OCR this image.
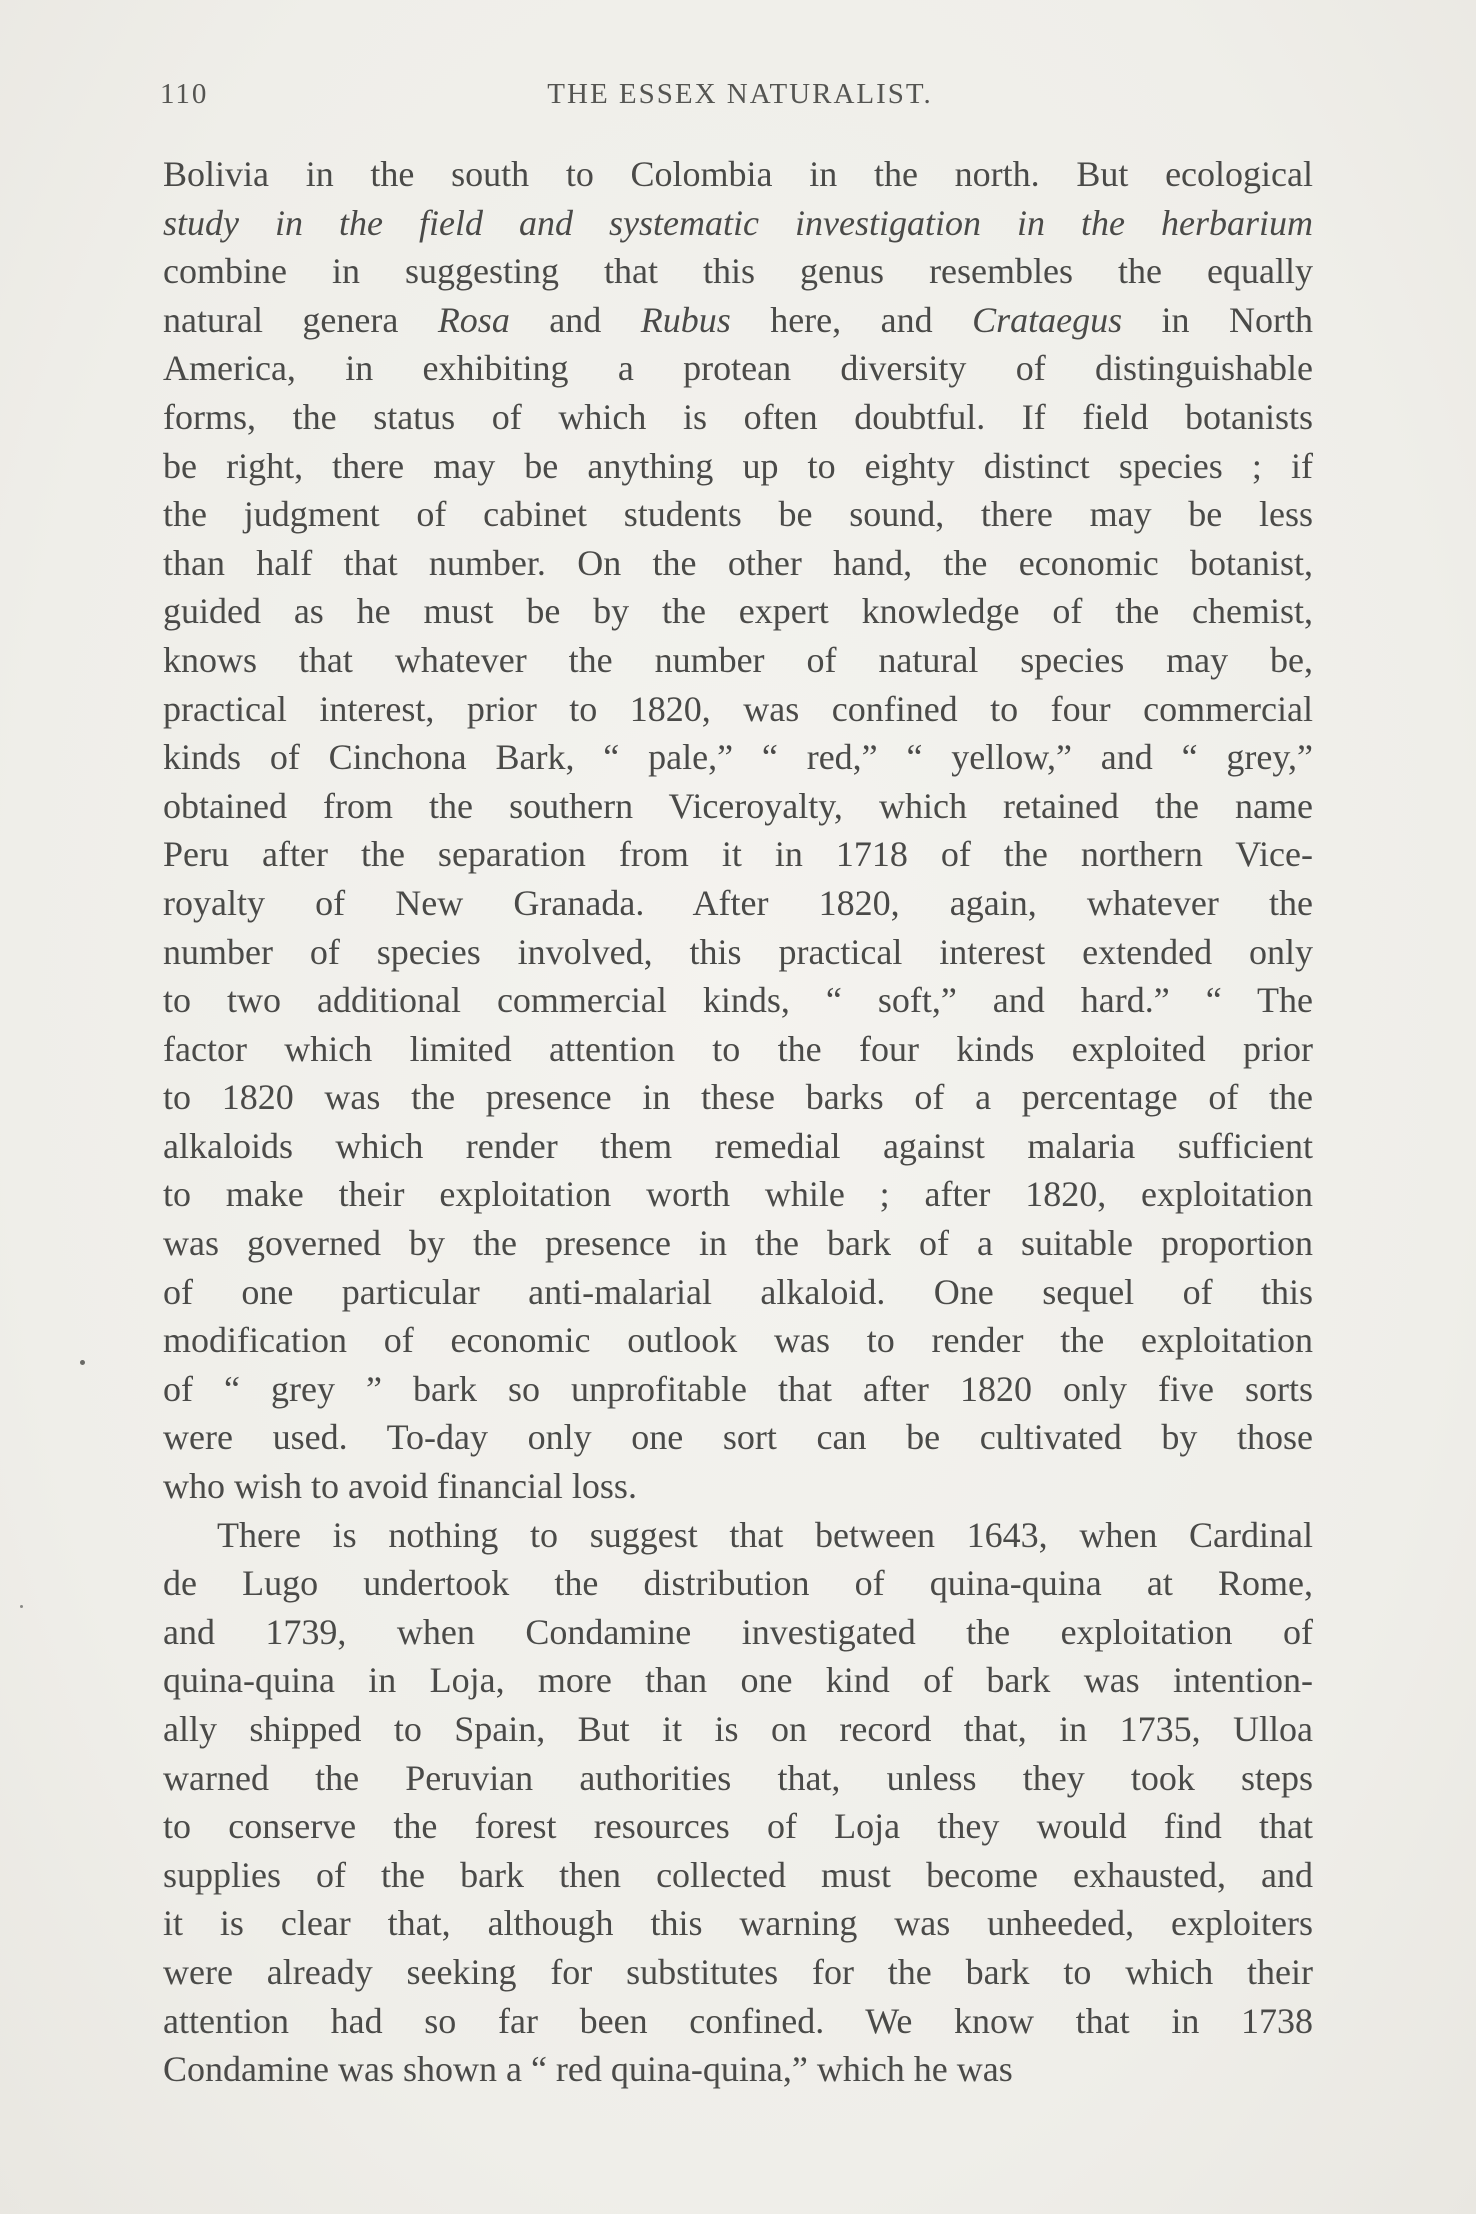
110	THE ESSEX NATURALIST.
Bolivia in the south to Colombia in the north. But ecological
study in the field and systematic investigation in the herbarium
combine in suggesting that this genus resembles the equally
natural genera Rosa and Rubus here, and Crataegus in North
America, in exhibiting a protean diversity of distinguishable
forms, the status of which is often doubtful. If field botanists
be right, there may be anything up to eighty distinct species ; if
the judgment of cabinet students be sound, there may be less
than half that number. On the other hand, the economic botanist,
guided as he must be by the expert knowledge of the chemist,
knows that whatever the number of natural species may be,
practical interest, prior to 1820, was confined to four commercial
kinds of Cinchona Bark, “ pale,” “ red,” “ yellow,” and “ grey,”
obtained from the southern Viceroyalty, which retained the name
Peru after the separation from it in 1718 of the northern Vice-
royalty of New Granada. After 1820, again, whatever the
number of species involved, this practical interest extended only
to two additional commercial kinds, “ soft,” and hard.” “ The
factor which limited attention to the four kinds exploited prior
to 1820 was the presence in these barks of a percentage of the
alkaloids which render them remedial against malaria sufficient
to make their exploitation worth while ; after 1820, exploitation
was governed by the presence in the bark of a suitable proportion
of one particular anti-malarial alkaloid. One sequel of this
modification of economic outlook was to render the exploitation
of “ grey ” bark so unprofitable that after 1820 only five sorts
were used. To-day only one sort can be cultivated by those
who wish to avoid financial loss.
There is nothing to suggest that between 1643, when Cardinal
de Lugo undertook the distribution of quina-quina at Rome,
and 1739, when Condamine investigated the exploitation of
quina-quina in Loja, more than one kind of bark was intention-
ally shipped to Spain, But it is on record that, in 1735, Ulloa
warned the Peruvian authorities that, unless they took steps
to conserve the forest resources of Loja they would find that
supplies of the bark then collected must become exhausted, and
it is clear that, although this warning was unheeded, exploiters
were already seeking for substitutes for the bark to which their
attention had so far been confined. We know that in 1738
Condamine was shown a “ red quina-quina,” which he was
